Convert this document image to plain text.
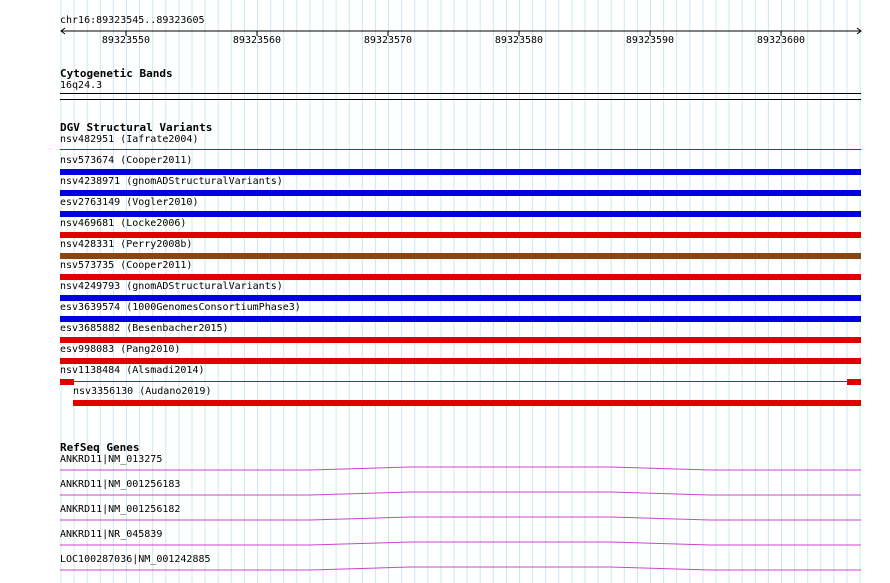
chr16:89323545..89323605
89323550	89323560	89323570	89323580	89323590	89323600
Cytogenetic Bands
16q24.3
DGV Structural Variants
nsv482951 (Iafrate2004)
nsv573674 (Cooper2011)
nsv4238971 (gnomADStructuralVariants)
esv2763149 (Vogler2010)
nsv469681 (Locke2006)
nsv428331 (Perry2008b)
nsv573735 (Cooper2011)
nsv4249793 (gnomADStructuralVariants)
esv3639574 (1000GenomesConsortiumPhase3)
esv3685882 (Besenbacher2015)
esv998083 (Pang2010)
nsv1138484 (Alsmadi2014)
nsv3356130 (Audano2019)
RefSeq Genes
ANKRD11|NM_013275
ANKRD11|NM_001256183
ANKRD11|NM_001256182
ANKRD11|NR_045839
LOC100287036|NM_001242885
